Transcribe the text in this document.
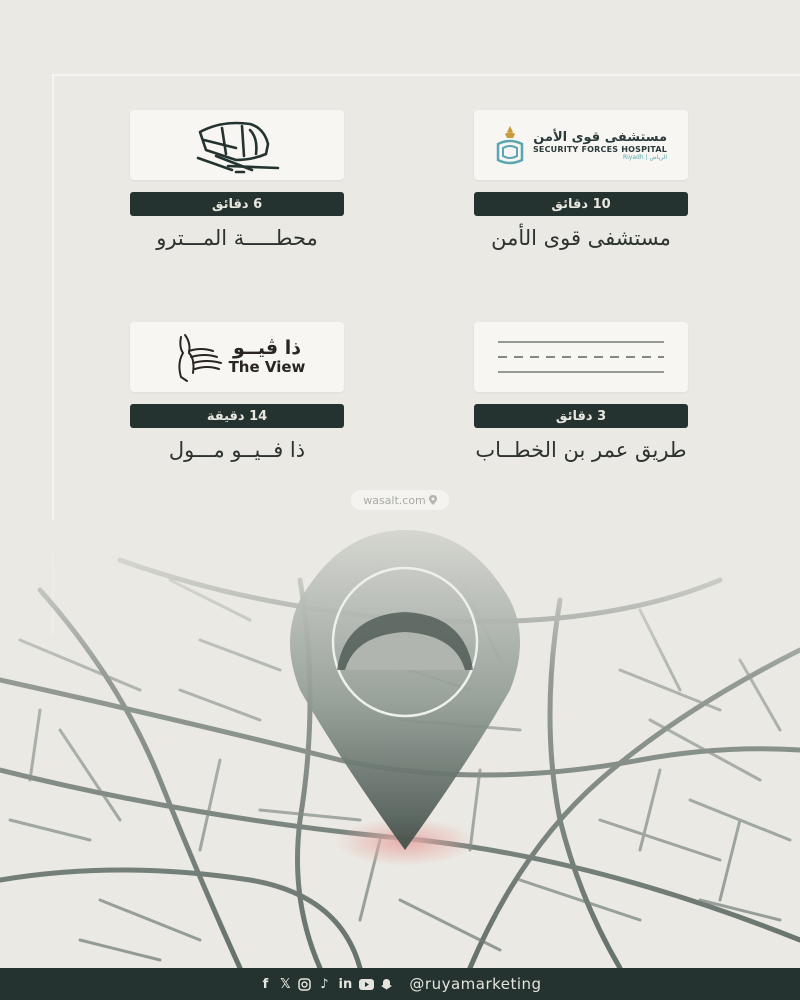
6 دقائق
محطـــــة المـــترو
مستشفى قوى الأمن
SECURITY FORCES HOSPITAL
Riyadh | الرياض
10 دقائق
مستشفى قوى الأمن
ذا ڤيــو
The View
14 دقيقة
ذا فــيــو مـــول
3 دقائق
طريق عمر بن الخطــاب
wasalt.com
f 𝕏 ♪ in	@ruyamarketing
